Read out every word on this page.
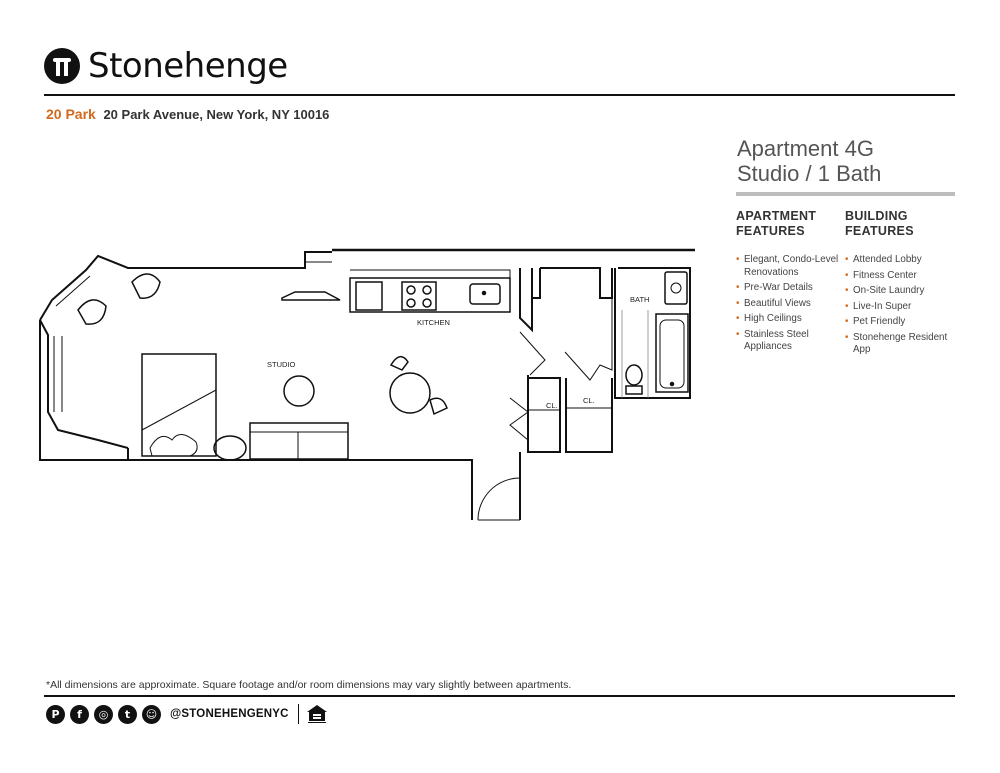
Stonehenge
20 Park 20 Park Avenue, New York, NY 10016
Apartment 4G
Studio / 1 Bath
APARTMENT
FEATURES
BUILDING
FEATURES
• Elegant, Condo-Level Renovations
• Pre-War Details
• Beautiful Views
• High Ceilings
• Stainless Steel Appliances
• Attended Lobby
• Fitness Center
• On-Site Laundry
• Live-In Super
• Pet Friendly
• Stonehenge Resident App
STUDIO
KITCHEN
BATH
CL.
CL.
*All dimensions are approximate. Square footage and/or room dimensions may vary slightly between apartments.
P	f	◎	t	☺	@STONEHENGENYC
